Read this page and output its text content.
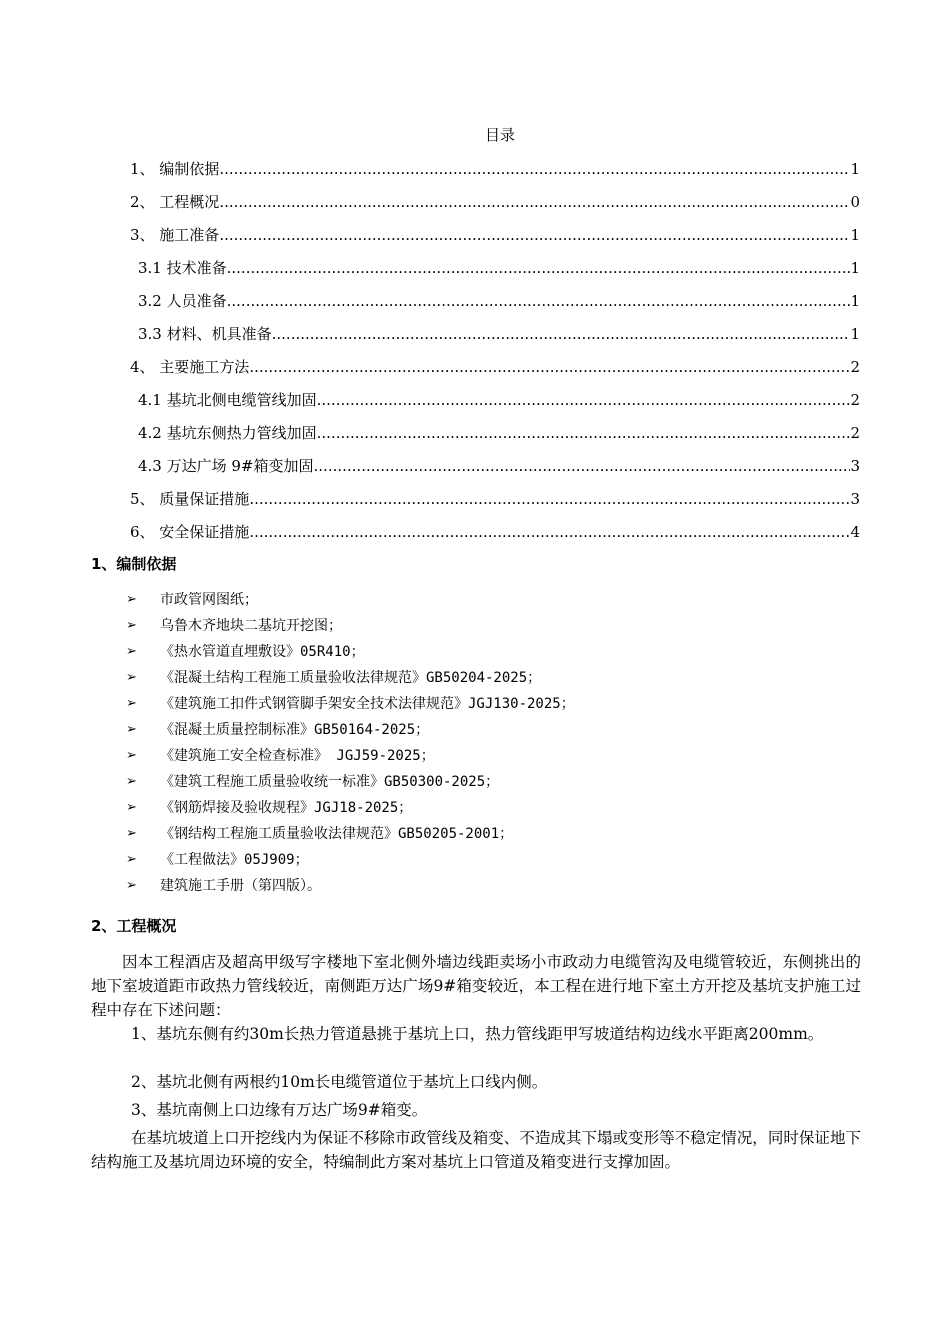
目录
1、 编制依据 .....	1
2、 工程概况 .....	0
3、 施工准备 .....	1
3.1 技术准备 .....	1
3.2 人员准备 .....	1
3.3 材料、机具准备 .....	1
4、 主要施工方法 .....	2
4.1 基坑北侧电缆管线加固 .....	2
4.2 基坑东侧热力管线加固 .....	2
4.3 万达广场 9#箱变加固 .....	3
5、 质量保证措施 .....	3
6、 安全保证措施 .....	4
1、编制依据
➢	市政管网图纸；
➢	乌鲁木齐地块二基坑开挖图；
➢	《热水管道直埋敷设》05R410；
➢	《混凝土结构工程施工质量验收法律规范》GB50204-2025；
➢	《建筑施工扣件式钢管脚手架安全技术法律规范》JGJ130-2025；
➢	《混凝土质量控制标准》GB50164-2025；
➢	《建筑施工安全检查标准》 JGJ59-2025；
➢	《建筑工程施工质量验收统一标准》GB50300-2025；
➢	《钢筋焊接及验收规程》JGJ18-2025；
➢	《钢结构工程施工质量验收法律规范》GB50205-2001；
➢	《工程做法》05J909；
➢	建筑施工手册（第四版）。
2、工程概况
因本工程酒店及超高甲级写字楼地下室北侧外墙边线距卖场小市政动力电缆管沟及电缆管较近，东侧挑出的地下室坡道距市政热力管线较近，南侧距万达广场9#箱变较近，本工程在进行地下室土方开挖及基坑支护施工过程中存在下述问题：
1、基坑东侧有约30m长热力管道悬挑于基坑上口，热力管线距甲写坡道结构边线水平距离200mm。
2、基坑北侧有两根约10m长电缆管道位于基坑上口线内侧。
3、基坑南侧上口边缘有万达广场9#箱变。
在基坑坡道上口开挖线内为保证不移除市政管线及箱变、不造成其下塌或变形等不稳定情况，同时保证地下结构施工及基坑周边环境的安全，特编制此方案对基坑上口管道及箱变进行支撑加固。
